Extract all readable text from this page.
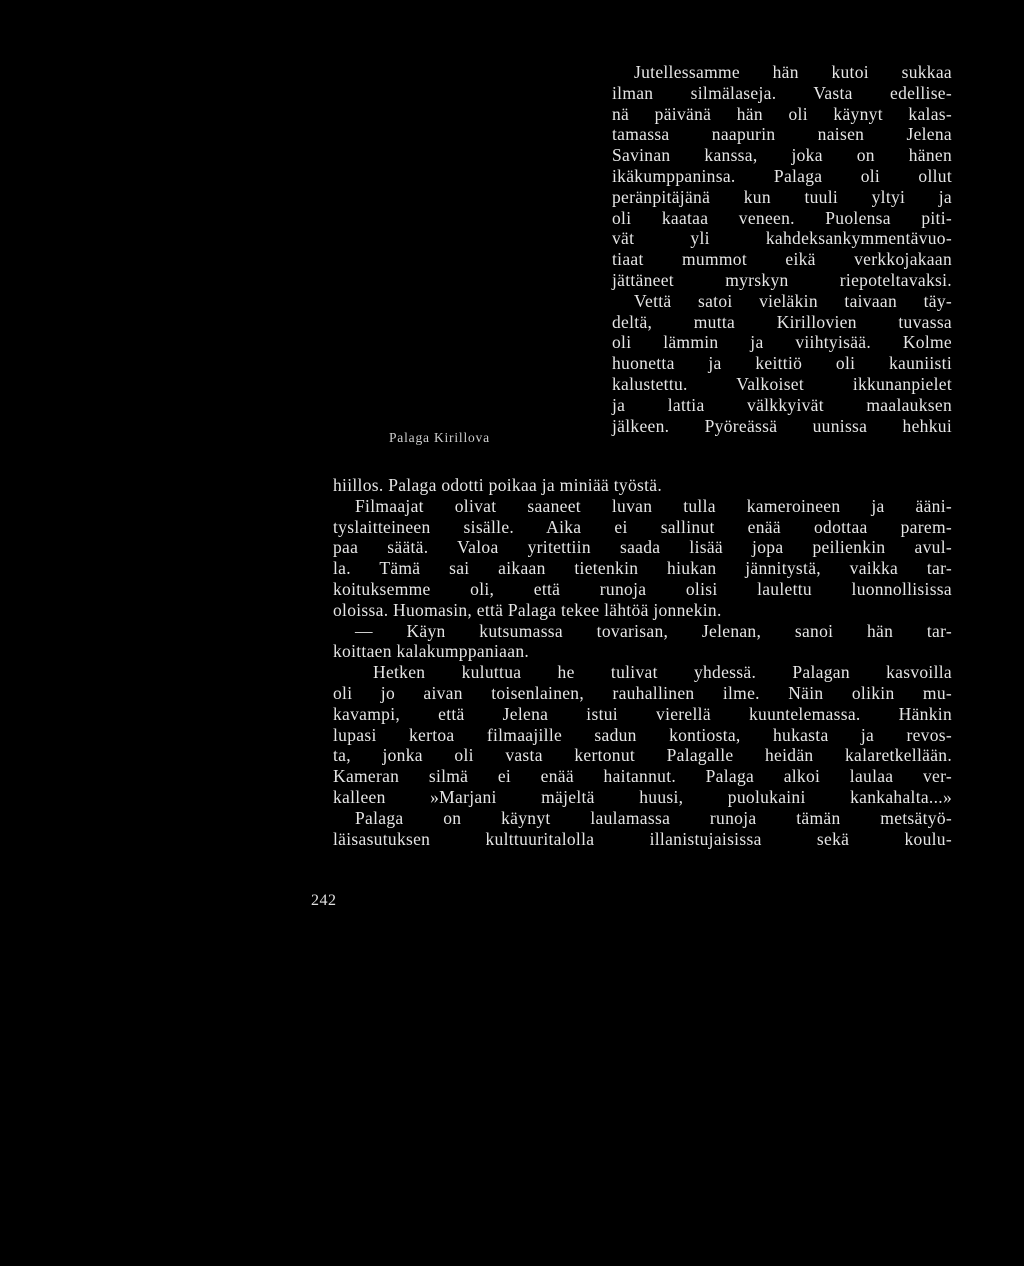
Jutellessamme hän kutoi sukkaa
ilman silmälaseja. Vasta edellise-
nä päivänä hän oli käynyt kalas-
tamassa naapurin naisen Jelena
Savinan kanssa, joka on hänen
ikäkumppaninsa. Palaga oli ollut
peränpitäjänä kun tuuli yltyi ja
oli kaataa veneen. Puolensa piti-
vät yli kahdeksankymmentävuo-
tiaat mummot eikä verkkojakaan
jättäneet myrskyn riepoteltavaksi.
Vettä satoi vieläkin taivaan täy-
deltä, mutta Kirillovien tuvassa
oli lämmin ja viihtyisää. Kolme
huonetta ja keittiö oli kauniisti
kalustettu. Valkoiset ikkunanpielet
ja lattia välkkyivät maalauksen
jälkeen. Pyöreässä uunissa hehkui
Palaga Kirillova
hiillos. Palaga odotti poikaa ja miniää työstä.
Filmaajat olivat saaneet luvan tulla kameroineen ja ääni-
tyslaitteineen sisälle. Aika ei sallinut enää odottaa parem-
paa säätä. Valoa yritettiin saada lisää jopa peilienkin avul-
la. Tämä sai aikaan tietenkin hiukan jännitystä, vaikka tar-
koituksemme oli, että runoja olisi laulettu luonnollisissa
oloissa. Huomasin, että Palaga tekee lähtöä jonnekin.
— Käyn kutsumassa tovarisan, Jelenan, sanoi hän tar-
koittaen kalakumppaniaan.
Hetken kuluttua he tulivat yhdessä. Palagan kasvoilla
oli jo aivan toisenlainen, rauhallinen ilme. Näin olikin mu-
kavampi, että Jelena istui vierellä kuuntelemassa. Hänkin
lupasi kertoa filmaajille sadun kontiosta, hukasta ja revos-
ta, jonka oli vasta kertonut Palagalle heidän kalaretkellään.
Kameran silmä ei enää haitannut. Palaga alkoi laulaa ver-
kalleen »Marjani mäjeltä huusi, puolukaini kankahalta...»
Palaga on käynyt laulamassa runoja tämän metsätyö-
läisasutuksen kulttuuritalolla illanistujaisissa sekä koulu-
242
